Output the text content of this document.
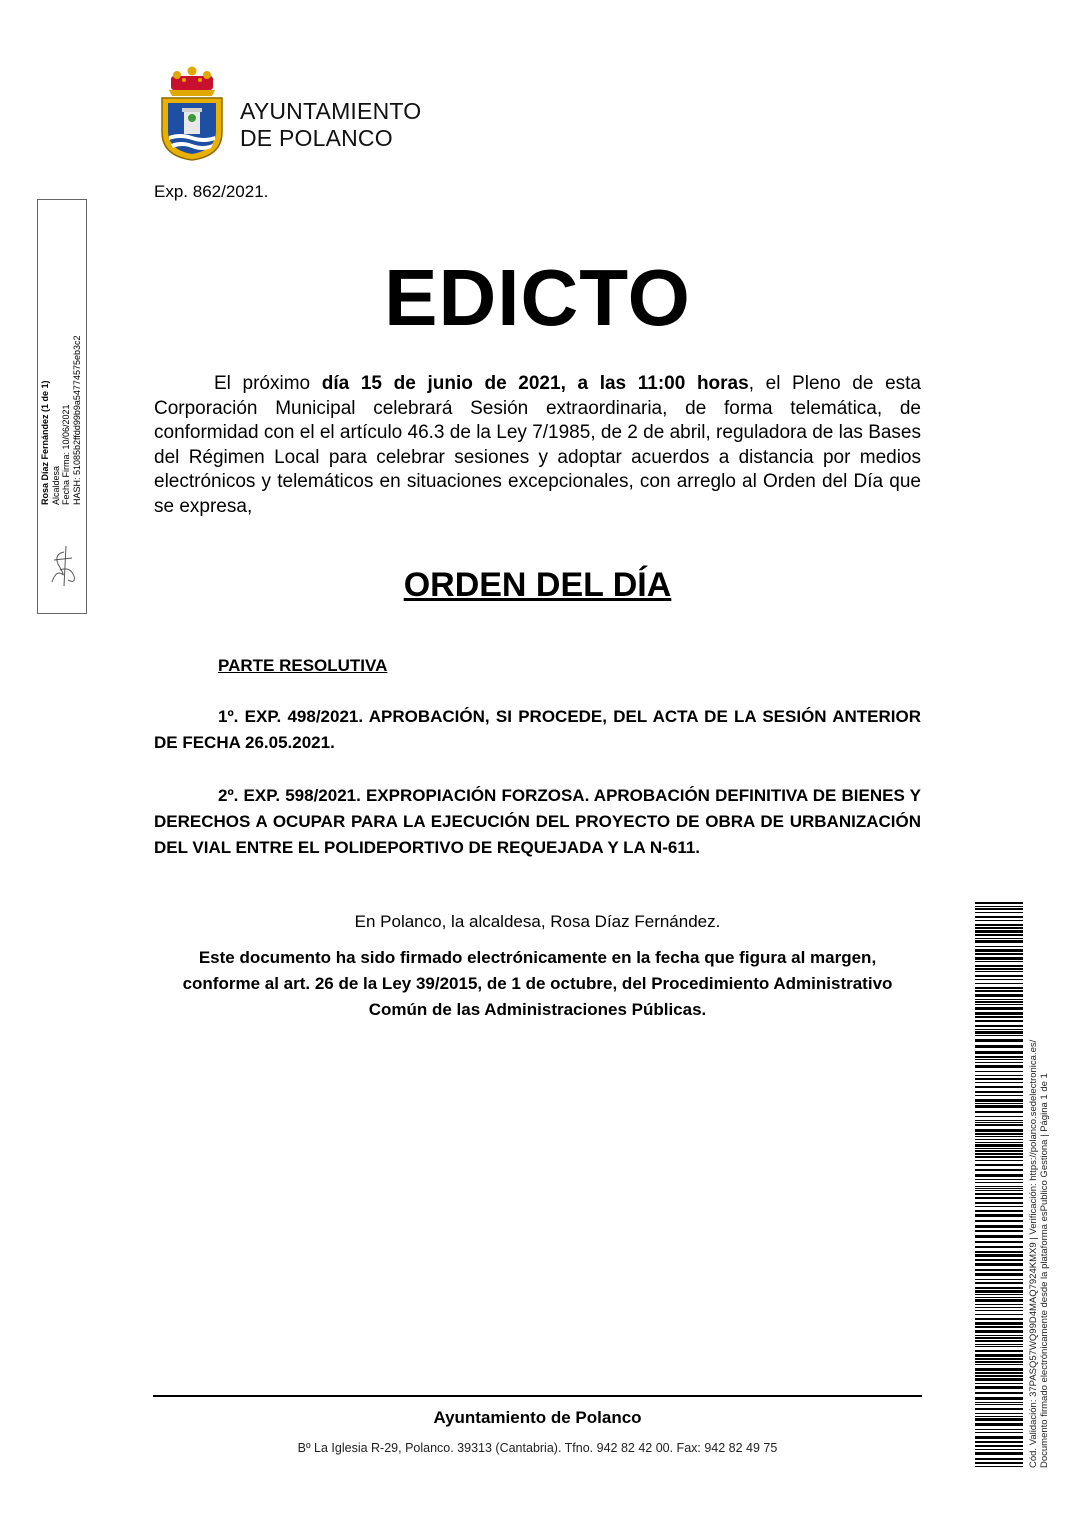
AYUNTAMIENTO
DE POLANCO
Exp. 862/2021.
EDICTO
El próximo día 15 de junio de 2021, a las 11:00 horas, el Pleno de esta Corporación Municipal celebrará Sesión extraordinaria, de forma telemática, de conformidad con el el artículo 46.3 de la Ley 7/1985, de 2 de abril, reguladora de las Bases del Régimen Local para celebrar sesiones y adoptar acuerdos a distancia por medios electrónicos y telemáticos en situaciones excepcionales, con arreglo al Orden del Día que se expresa,
ORDEN DEL DÍA
PARTE RESOLUTIVA
1º. EXP. 498/2021. APROBACIÓN, SI PROCEDE, DEL ACTA DE LA SESIÓN ANTERIOR DE FECHA 26.05.2021.
2º. EXP. 598/2021. EXPROPIACIÓN FORZOSA. APROBACIÓN DEFINITIVA DE BIENES Y DERECHOS A OCUPAR PARA LA EJECUCIÓN DEL PROYECTO DE OBRA DE URBANIZACIÓN DEL VIAL ENTRE EL POLIDEPORTIVO DE REQUEJADA Y LA N-611.
En Polanco, la alcaldesa, Rosa Díaz Fernández.
Este documento ha sido firmado electrónicamente en la fecha que figura al margen, conforme al art. 26 de la Ley 39/2015, de 1 de octubre, del Procedimiento Administrativo Común de las Administraciones Públicas.
Ayuntamiento de Polanco
Bº La Iglesia R-29, Polanco. 39313 (Cantabria). Tfno. 942 82 42 00. Fax: 942 82 49 75
Rosa Díaz Fernández (1 de 1) Alcaldesa Fecha Firma: 10/06/2021 HASH: 51085b2ffdd99b9a54774575eb3c2
Cód. Validación: 37PASQ57WQ99D4MAQ7924KMX9 | Verificación: https://polanco.sedelectronica.es/ Documento firmado electrónicamente desde la plataforma esPublico Gestiona | Página 1 de 1
